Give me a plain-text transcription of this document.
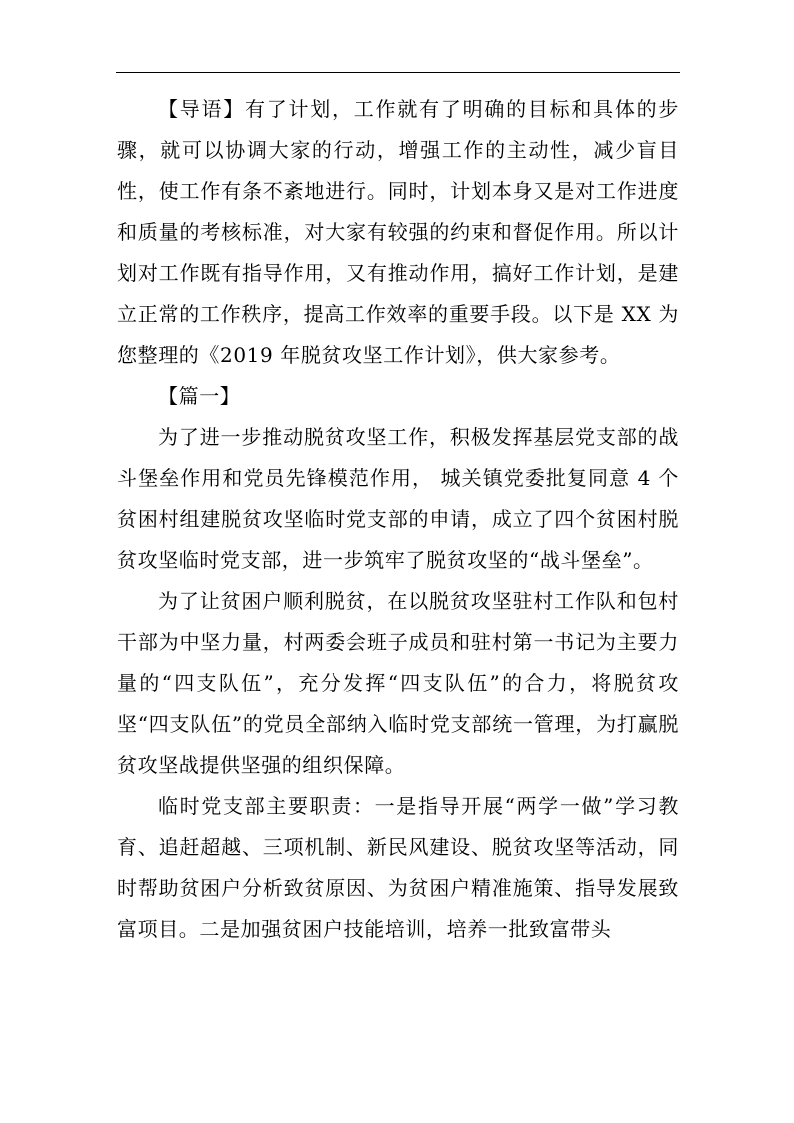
【导语】有了计划，工作就有了明确的目标和具体的步骤，就可以协调大家的行动，增强工作的主动性，减少盲目性，使工作有条不紊地进行。同时，计划本身又是对工作进度和质量的考核标准，对大家有较强的约束和督促作用。所以计划对工作既有指导作用，又有推动作用，搞好工作计划，是建立正常的工作秩序，提高工作效率的重要手段。以下是 XX 为您整理的《2019 年脱贫攻坚工作计划》，供大家参考。

【篇一】

为了进一步推动脱贫攻坚工作，积极发挥基层党支部的战斗堡垒作用和党员先锋模范作用， 城关镇党委批复同意 4 个贫困村组建脱贫攻坚临时党支部的申请，成立了四个贫困村脱贫攻坚临时党支部，进一步筑牢了脱贫攻坚的“战斗堡垒”。

为了让贫困户顺利脱贫，在以脱贫攻坚驻村工作队和包村干部为中坚力量，村两委会班子成员和驻村第一书记为主要力量的“四支队伍”，充分发挥“四支队伍”的合力，将脱贫攻坚“四支队伍”的党员全部纳入临时党支部统一管理，为打赢脱贫攻坚战提供坚强的组织保障。

临时党支部主要职责：一是指导开展“两学一做”学习教育、追赶超越、三项机制、新民风建设、脱贫攻坚等活动，同时帮助贫困户分析致贫原因、为贫困户精准施策、指导发展致富项目。二是加强贫困户技能培训，培养一批致富带头
